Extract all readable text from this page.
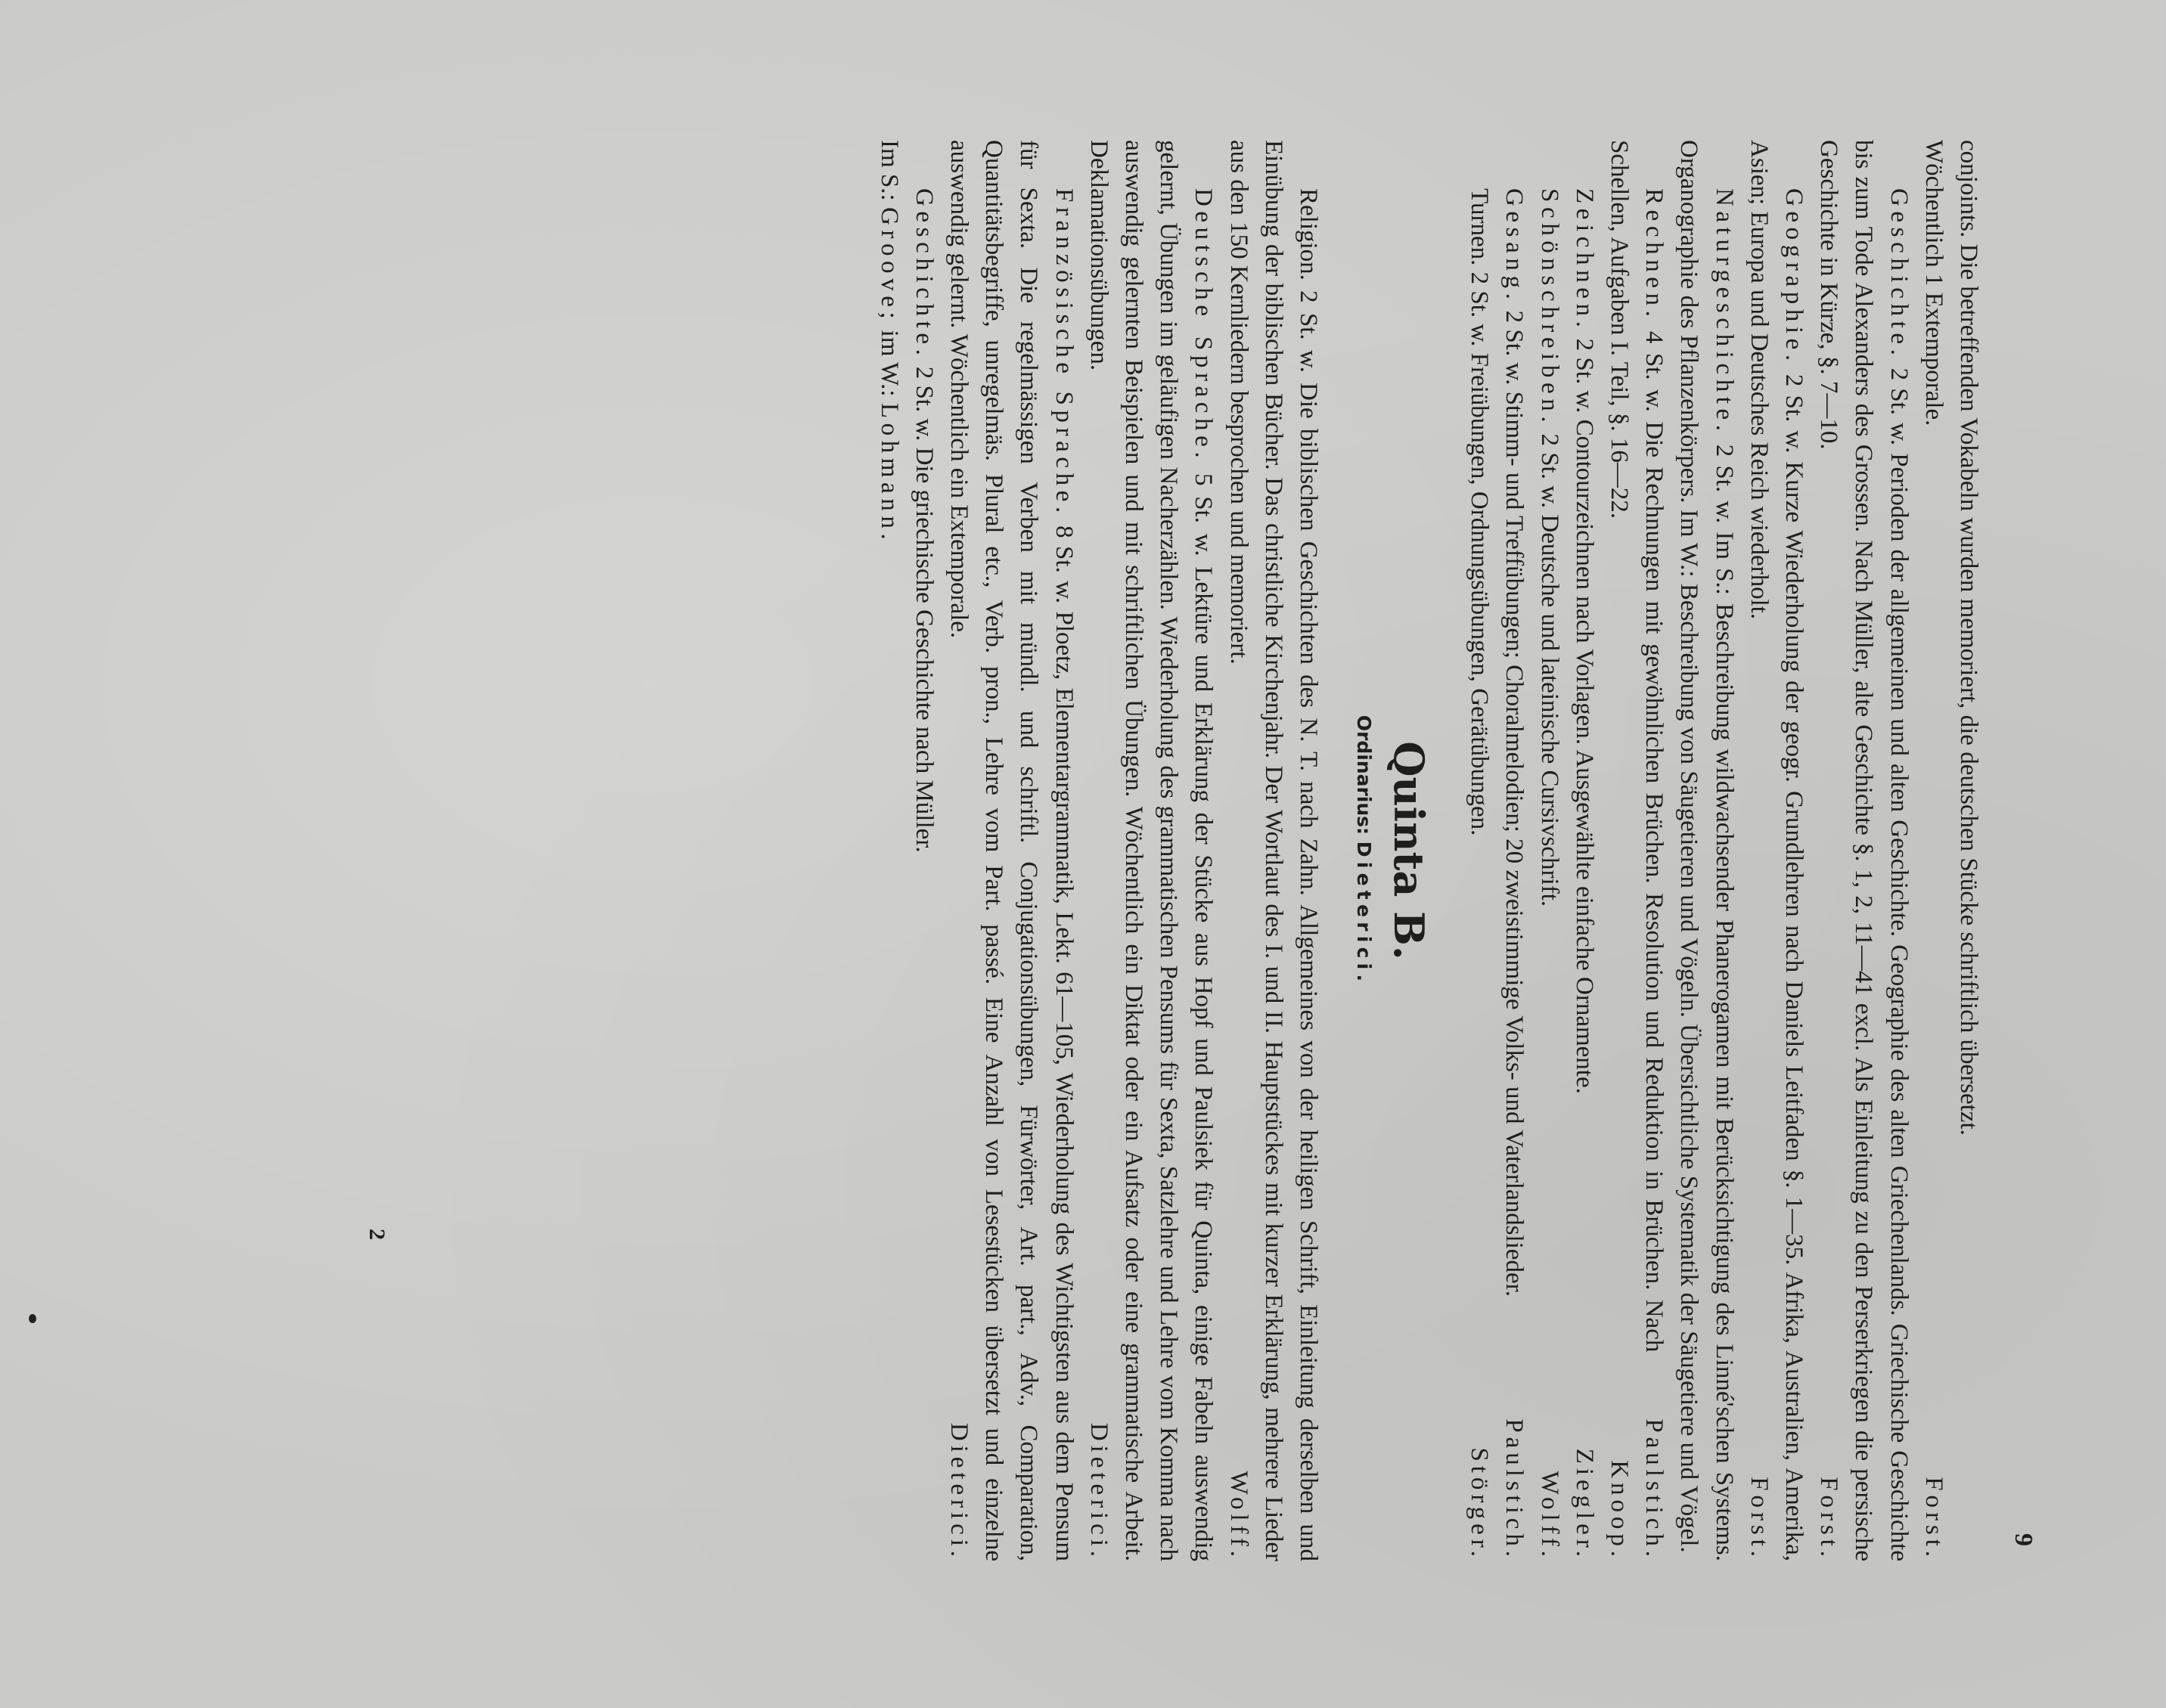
9

conjoints. Die betreffenden Vokabeln wurden memoriert, die deutschen Stücke schriftlich übersetzt.
Wöchentlich 1 Extemporale.
Forst.

Geschichte. 2 St. w. Perioden der allgemeinen und alten Geschichte. Geographie des alten Griechenlands. Griechische Geschichte bis zum Tode Alexanders des Grossen. Nach Müller, alte Geschichte §. 1, 2, 11—41 excl. Als Einleitung zu den Perserkriegen die persische Geschichte in Kürze, §. 7—10.
Forst.

Geographie. 2 St. w. Kurze Wiederholung der geogr. Grundlehren nach Daniels Leitfaden §. 1—35. Afrika, Australien, Amerika, Asien; Europa und Deutsches Reich wiederholt.
Forst.

Naturgeschichte. 2 St. w. Im S.: Beschreibung wildwachsender Phanerogamen mit Berücksichtigung des Linné'schen Systems. Organographie des Pflanzenkörpers. Im W.: Beschreibung von Säugetieren und Vögeln. Übersichtliche Systematik der Säugetiere und Vögel.
Paulstich.

Rechnen. 4 St. w. Die Rechnungen mit gewöhnlichen Brüchen. Resolution und Reduktion in Brüchen. Nach Schellen, Aufgaben I. Teil, §. 16—22.
Knoop.

Zeichnen. 2 St. w. Contourzeichnen nach Vorlagen. Ausgewählte einfache Ornamente.
Ziegler.

Schönschreiben. 2 St. w. Deutsche und lateinische Cursivschrift.
Wolff.

Gesang. 2 St. w. Stimm- und Treffübungen; Choralmelodien; 20 zweistimmige Volks- und Vaterlandslieder.
Paulstich.

Turnen. 2 St. w. Freiübungen, Ordnungsübungen, Gerätübungen.
Störger.

Quinta B.
Ordinarius: Dieterici.

Religion. 2 St. w. Die biblischen Geschichten des N. T. nach Zahn. Allgemeines von der heiligen Schrift, Einleitung derselben und Einübung der biblischen Bücher. Das christliche Kirchenjahr. Der Wortlaut des I. und II. Hauptstückes mit kurzer Erklärung, mehrere Lieder aus den 150 Kernliedern besprochen und memoriert.
Wolff.

Deutsche Sprache. 5 St. w. Lektüre und Erklärung der Stücke aus Hopf und Paulsiek für Quinta, einige Fabeln auswendig gelernt, Übungen im geläufigen Nacherzählen. Wiederholung des grammatischen Pensums für Sexta, Satzlehre und Lehre vom Komma nach auswendig gelernten Beispielen und mit schriftlichen Übungen. Wöchentlich ein Diktat oder ein Aufsatz oder eine grammatische Arbeit. Deklamationsübungen.
Dieterici.

Französische Sprache. 8 St. w. Ploetz, Elementargrammatik, Lekt. 61—105, Wiederholung des Wichtigsten aus dem Pensum für Sexta. Die regelmässigen Verben mit mündl. und schriftl. Conjugationsübungen, Fürwörter, Art. part., Adv., Comparation, Quantitätsbegriffe, unregelmäs. Plural etc., Verb. pron., Lehre vom Part. passé. Eine Anzahl von Lesestücken übersetzt und einzelne auswendig gelernt. Wöchentlich ein Extemporale.
Dieterici.

Geschichte. 2 St. w. Die griechische Geschichte nach Müller.

Im S.: Groove; im W.: Lohmann.

2
